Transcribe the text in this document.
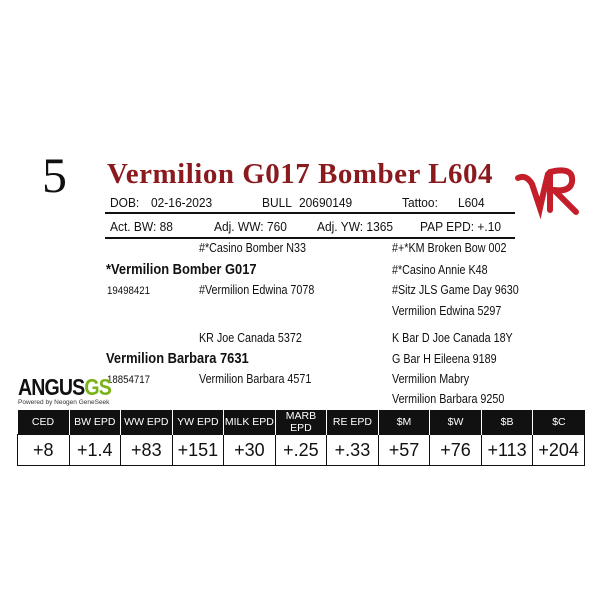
5 Vermilion G017 Bomber L604
DOB: 02-16-2023	BULL 20690149	Tattoo: L604
Act. BW: 88	Adj. WW: 760 Adj. YW: 1365 PAP EPD: +.10
#*Casino Bomber N33	#+*KM Broken Bow 002
*Vermilion Bomber G017	#*Casino Annie K48
19498421	#Vermilion Edwina 7078	#Sitz JLS Game Day 9630
Vermilion Edwina 5297
KR Joe Canada 5372	K Bar D Joe Canada 18Y
Vermilion Barbara 7631	G Bar H Eileena 9189
18854717	Vermilion Barbara 4571	Vermilion Mabry
Vermilion Barbara 9250
ANGUSGS
Powered by Neogen GeneSeek
CED	BW EPD	WW EPD	YW EPD	MILK EPD	MARB EPD	RE EPD	$M	$W	$B	$C
+8	+1.4	+83	+151	+30	+.25	+.33	+57	+76	+113	+204
